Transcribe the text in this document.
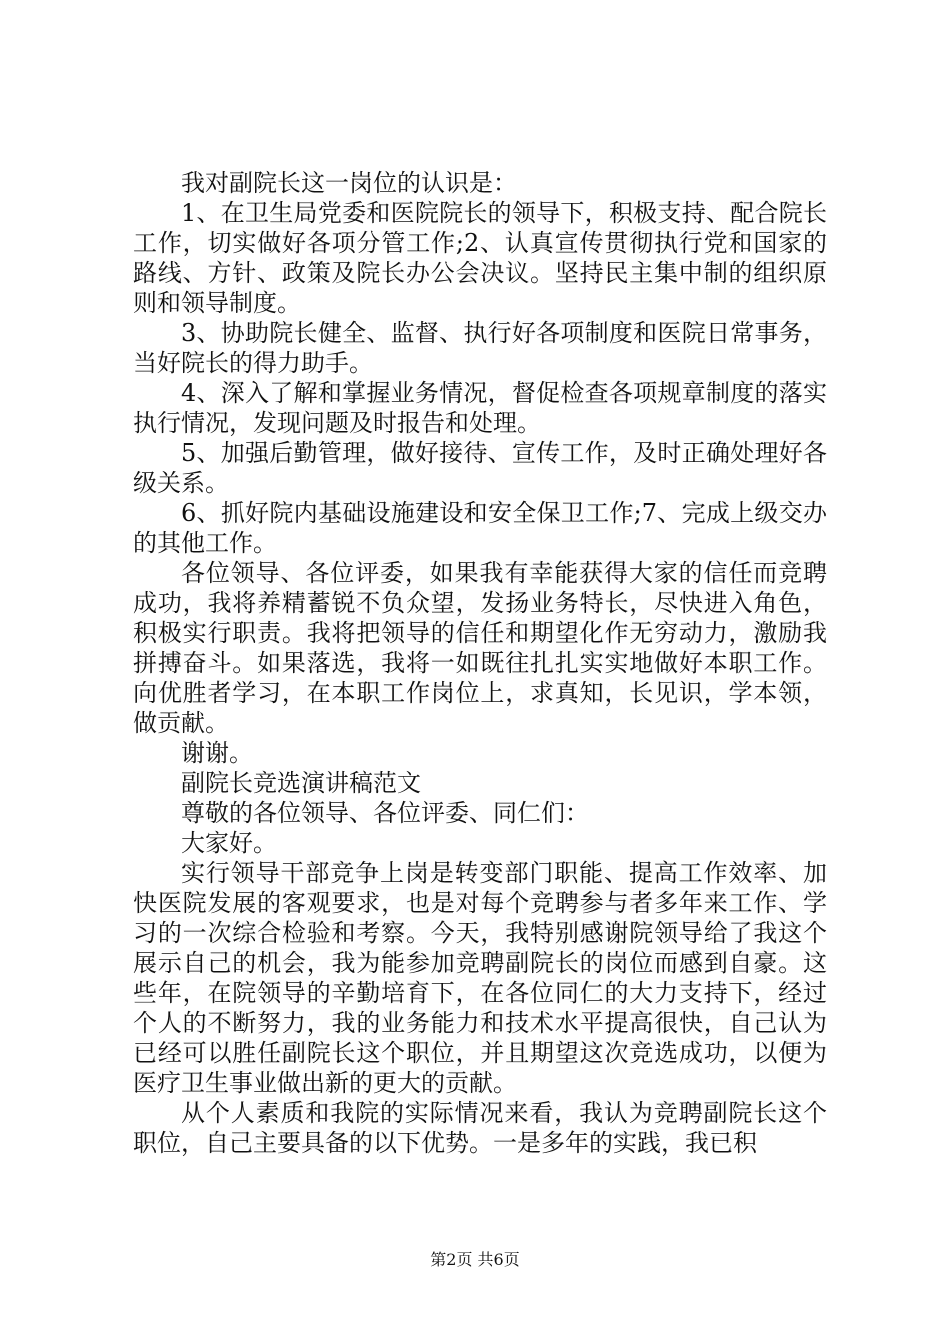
我对副院长这一岗位的认识是：

1、在卫生局党委和医院院长的领导下，积极支持、配合院长工作，切实做好各项分管工作;2、认真宣传贯彻执行党和国家的路线、方针、政策及院长办公会决议。坚持民主集中制的组织原则和领导制度。

3、协助院长健全、监督、执行好各项制度和医院日常事务，当好院长的得力助手。

4、深入了解和掌握业务情况，督促检查各项规章制度的落实执行情况，发现问题及时报告和处理。

5、加强后勤管理，做好接待、宣传工作，及时正确处理好各级关系。

6、抓好院内基础设施建设和安全保卫工作;7、完成上级交办的其他工作。

各位领导、各位评委，如果我有幸能获得大家的信任而竞聘成功，我将养精蓄锐不负众望，发扬业务特长，尽快进入角色，积极实行职责。我将把领导的信任和期望化作无穷动力，激励我拼搏奋斗。如果落选，我将一如既往扎扎实实地做好本职工作。向优胜者学习，在本职工作岗位上，求真知，长见识，学本领，做贡献。

谢谢。

副院长竞选演讲稿范文

尊敬的各位领导、各位评委、同仁们：

大家好。

实行领导干部竞争上岗是转变部门职能、提高工作效率、加快医院发展的客观要求，也是对每个竞聘参与者多年来工作、学习的一次综合检验和考察。今天，我特别感谢院领导给了我这个展示自己的机会，我为能参加竞聘副院长的岗位而感到自豪。这些年，在院领导的辛勤培育下，在各位同仁的大力支持下，经过个人的不断努力，我的业务能力和技术水平提高很快，自己认为已经可以胜任副院长这个职位，并且期望这次竞选成功，以便为医疗卫生事业做出新的更大的贡献。

从个人素质和我院的实际情况来看，我认为竞聘副院长这个职位，自己主要具备的以下优势。一是多年的实践，我已积

第2页 共6页
